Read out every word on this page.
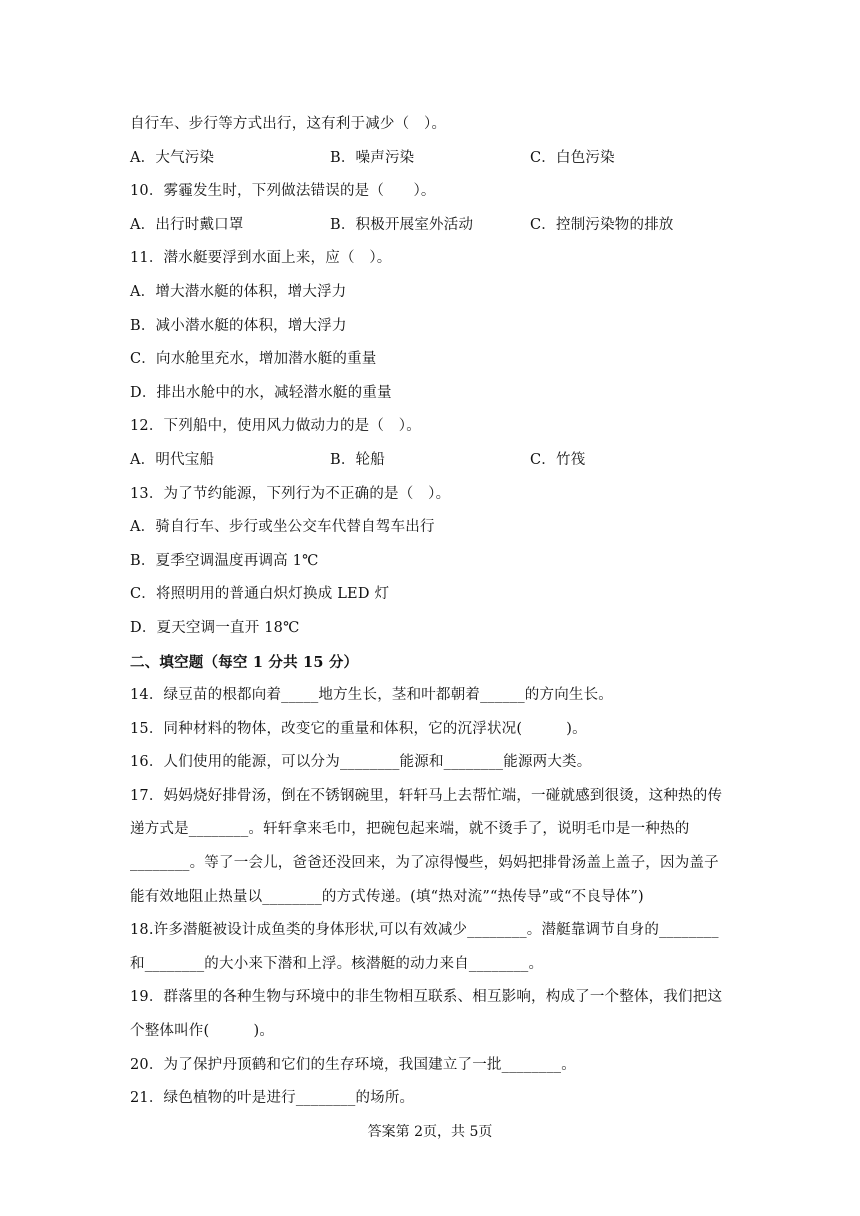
自行车、步行等方式出行，这有利于减少（　）。
A．大气污染	B．噪声污染	C．白色污染
10．雾霾发生时，下列做法错误的是（　　）。
A．出行时戴口罩	B．积极开展室外活动	C．控制污染物的排放
11．潜水艇要浮到水面上来，应（　）。
A．增大潜水艇的体积，增大浮力
B．减小潜水艇的体积，增大浮力
C．向水舱里充水，增加潜水艇的重量
D．排出水舱中的水，减轻潜水艇的重量
12．下列船中，使用风力做动力的是（　）。
A．明代宝船	B．轮船	C．竹筏
13．为了节约能源，下列行为不正确的是（　）。
A．骑自行车、步行或坐公交车代替自驾车出行
B．夏季空调温度再调高 1℃
C．将照明用的普通白炽灯换成 LED 灯
D．夏天空调一直开 18℃
二、填空题（每空 1 分共 15 分）
14．绿豆苗的根都向着_____地方生长，茎和叶都朝着______的方向生长。
15．同种材料的物体，改变它的重量和体积，它的沉浮状况(　　　)。
16．人们使用的能源，可以分为________能源和________能源两大类。
17．妈妈烧好排骨汤，倒在不锈钢碗里，轩轩马上去帮忙端，一碰就感到很烫，这种热的传
递方式是________。轩轩拿来毛巾，把碗包起来端，就不烫手了，说明毛巾是一种热的
________。等了一会儿，爸爸还没回来，为了凉得慢些，妈妈把排骨汤盖上盖子，因为盖子
能有效地阻止热量以________的方式传递。(填“热对流”“热传导”或“不良导体”)
18.许多潜艇被设计成鱼类的身体形状,可以有效减少________。潜艇靠调节自身的________
和________的大小来下潜和上浮。核潜艇的动力来自________。
19．群落里的各种生物与环境中的非生物相互联系、相互影响，构成了一个整体，我们把这
个整体叫作(　　　)。
20．为了保护丹顶鹤和它们的生存环境，我国建立了一批________。
21．绿色植物的叶是进行________的场所。
答案第 2页，共 5页
